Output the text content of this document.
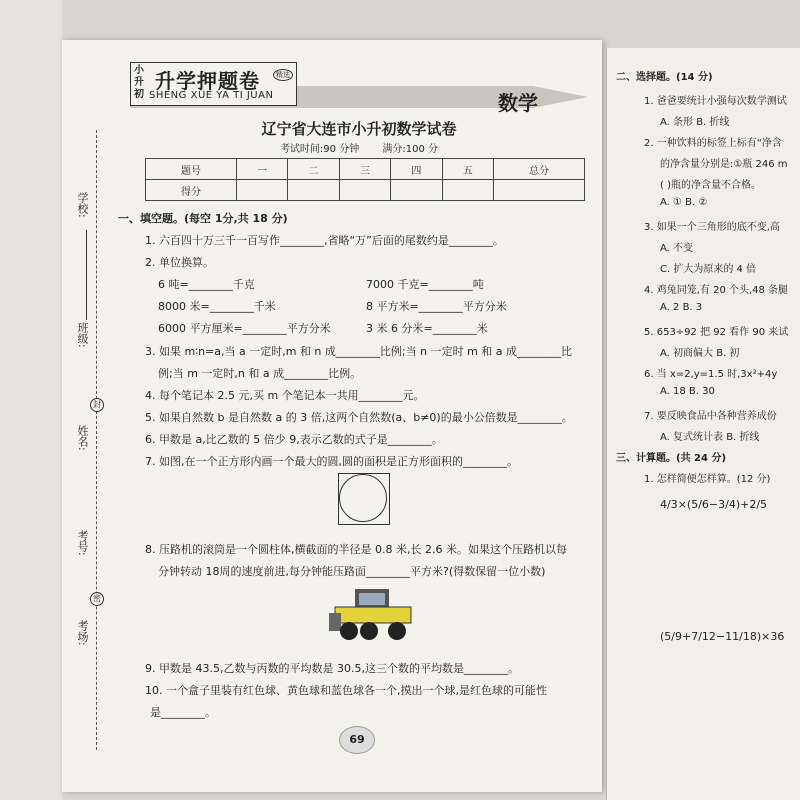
学校:
班级:
封
姓名:
考号:
密
考场:
小升初
升学押题卷	精选
SHENG XUE YA TI JUAN	数学
辽宁省大连市小升初数学试卷
考试时间:90 分钟 满分:100 分
题号	一	二	三	四	五	总分
得分						
一、填空题。(每空 1分,共 18 分)
1. 六百四十万三千一百写作________,省略“万”后面的尾数约是________。
2. 单位换算。
6 吨=________千克	7000 千克=________吨
8000 米=________千米	8 平方米=________平方分米
6000 平方厘米=________平方分米	3 米 6 分米=________米
3. 如果 m∶n=a,当 a 一定时,m 和 n 成________比例;当 n 一定时 m 和 a 成________比
例;当 m 一定时,n 和 a 成________比例。
4. 每个笔记本 2.5 元,买 m 个笔记本一共用________元。
5. 如果自然数 b 是自然数 a 的 3 倍,这两个自然数(a、b≠0)的最小公倍数是________。
6. 甲数是 a,比乙数的 5 倍少 9,表示乙数的式子是________。
7. 如图,在一个正方形内画一个最大的圆,圆的面积是正方形面积的________。
8. 压路机的滚筒是一个圆柱体,横截面的半径是 0.8 米,长 2.6 米。如果这个压路机以每
分钟转动 18周的速度前进,每分钟能压路面________平方米?(得数保留一位小数)
9. 甲数是 43.5,乙数与丙数的平均数是 30.5,这三个数的平均数是________。
10. 一个盒子里装有红色球、黄色球和蓝色球各一个,摸出一个球,是红色球的可能性
是________。
69
二、选择题。(14 分)
1. 爸爸要统计小强每次数学测试
A. 条形 B. 折线
2. 一种饮料的标签上标有“净含
的净含量分别是:①瓶 246 m
( )瓶的净含量不合格。
A. ① B. ②
3. 如果一个三角形的底不变,高
A. 不变
C. 扩大为原来的 4 倍
4. 鸡兔同笼,有 20 个头,48 条腿
A. 2 B. 3
5. 653÷92 把 92 看作 90 来试
A. 初商偏大 B. 初
6. 当 x=2,y=1.5 时,3x²+4y
A. 18 B. 30
7. 要反映食品中各种营养成份
A. 复式统计表 B. 折线
三、计算题。(共 24 分)
1. 怎样简便怎样算。(12 分)
4/3×(5/6−3/4)+2/5
(5/9+7/12−11/18)×36
